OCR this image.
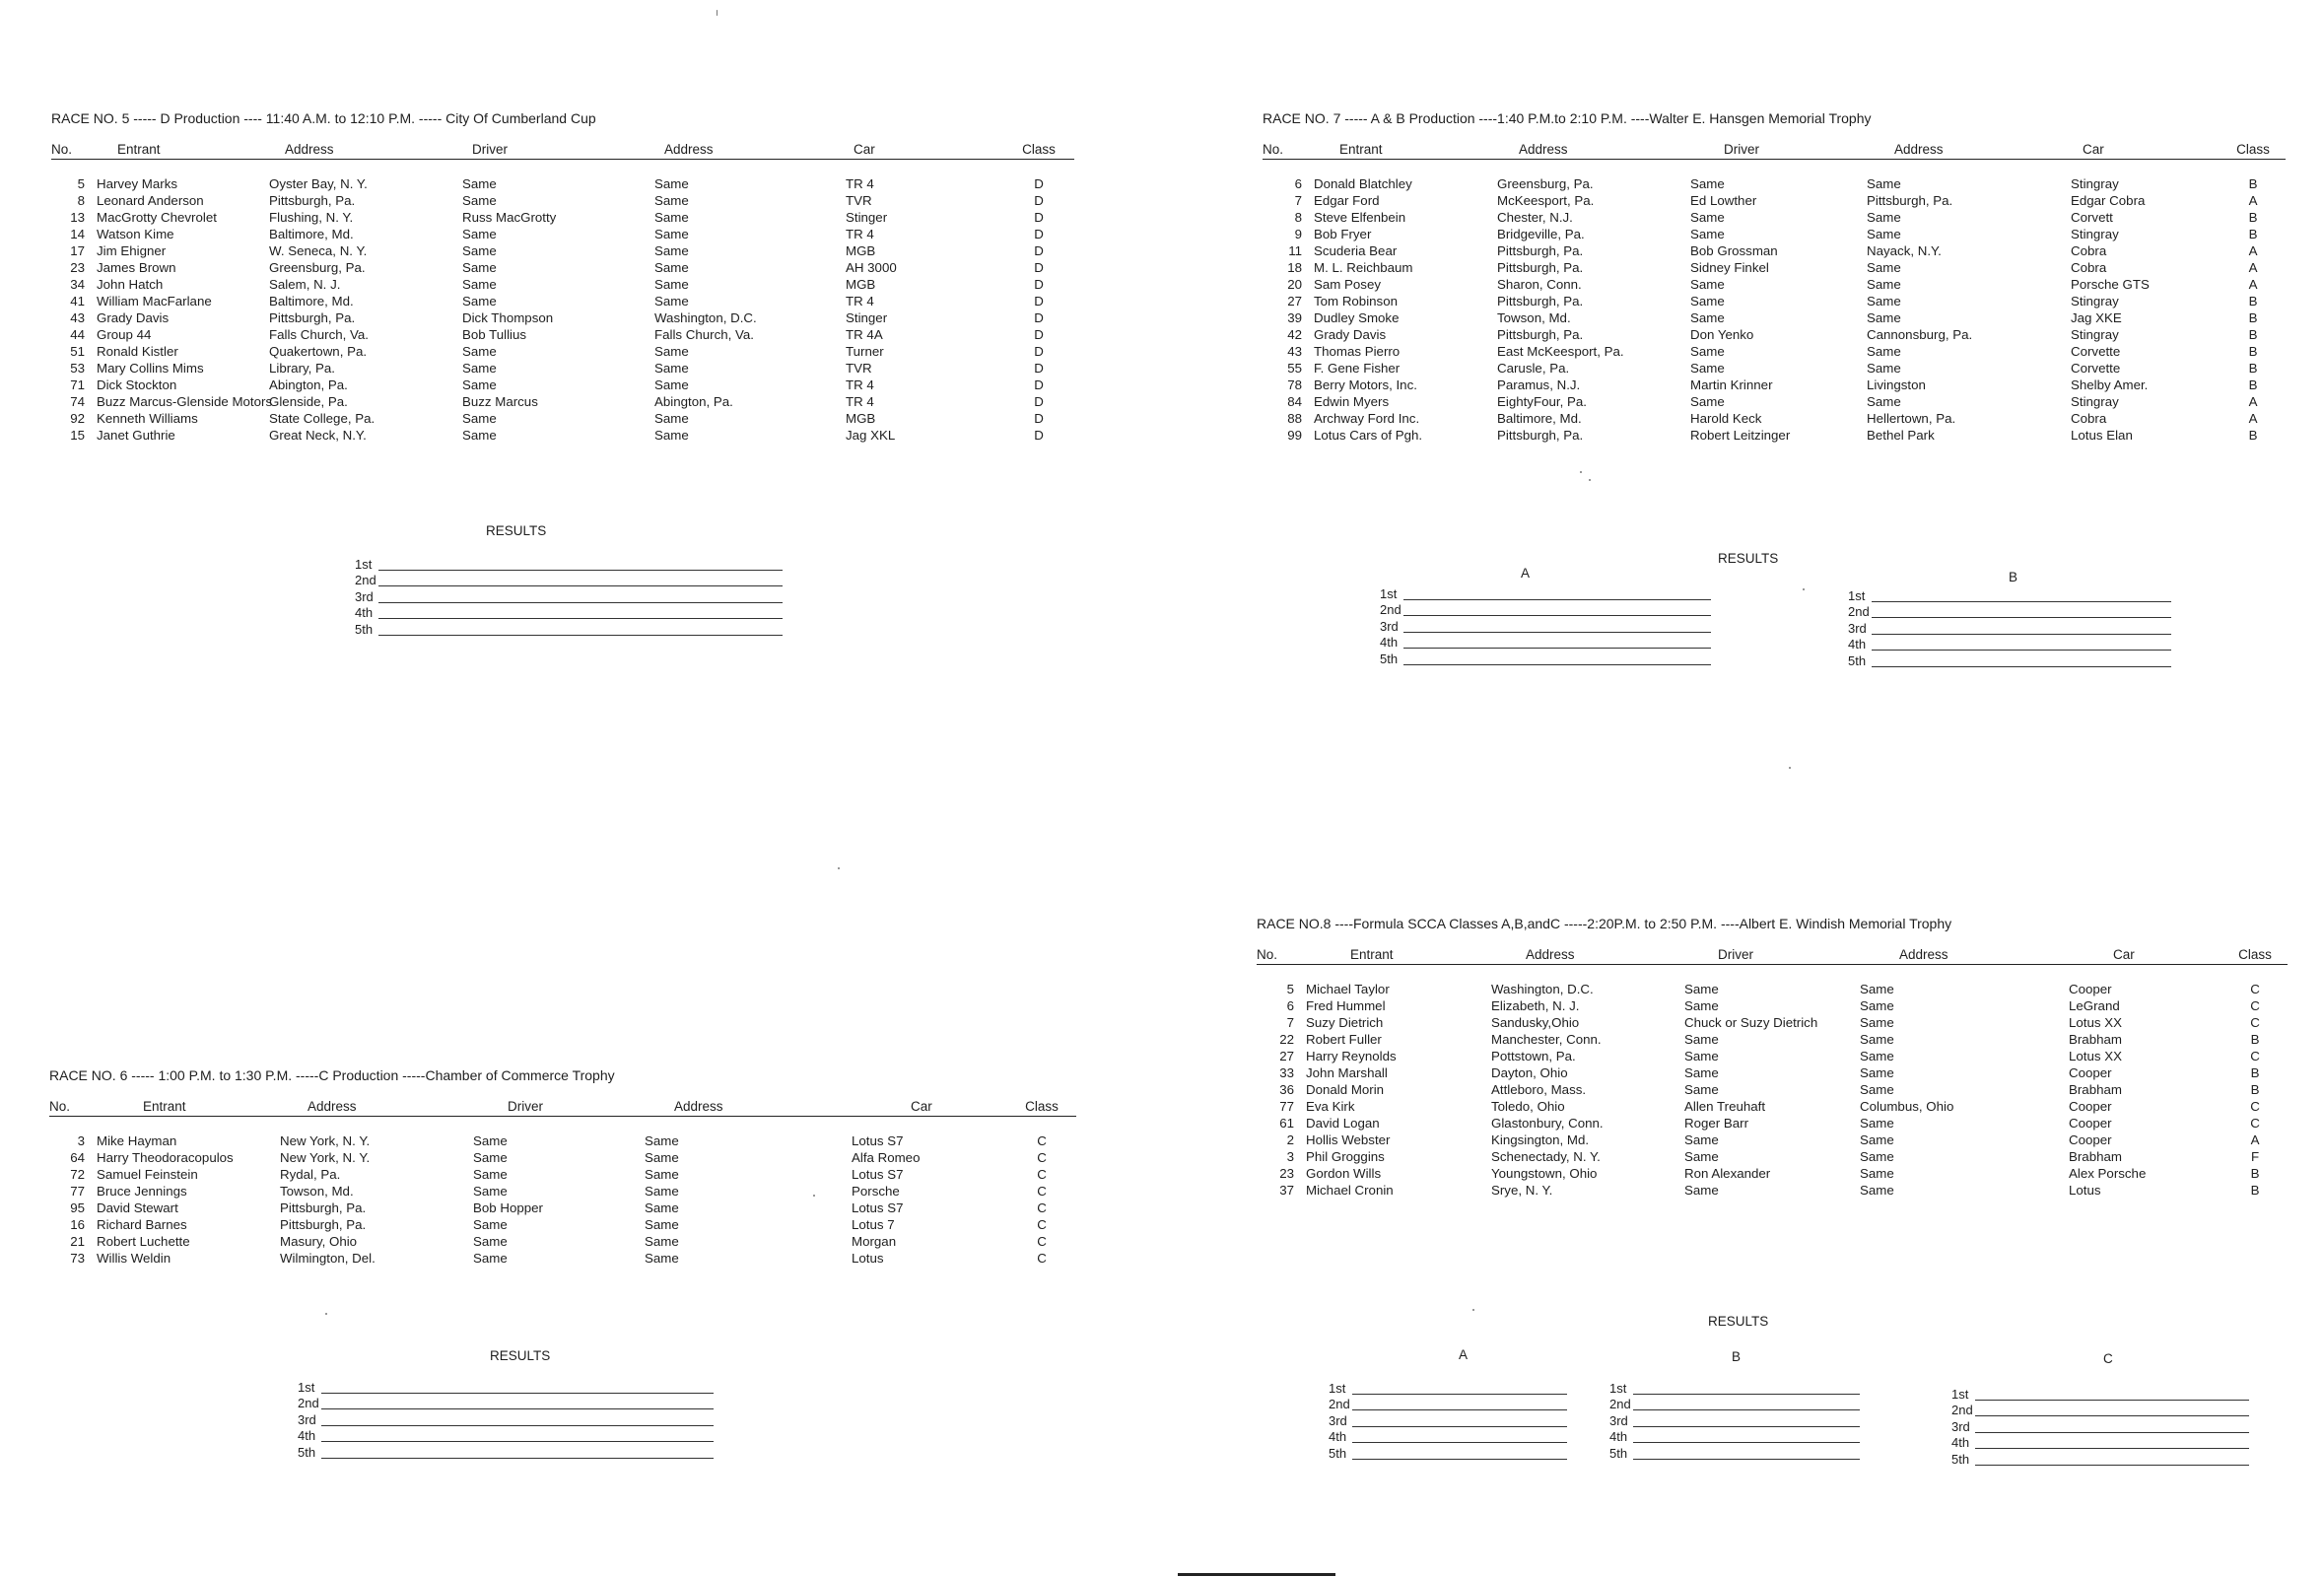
RACE NO. 5 ----- D Production ---- 11:40 A.M. to 12:10 P.M. ----- City Of Cumberland Cup
No.	Entrant	Address	Driver	Address	Car	Class
5	Harvey Marks	Oyster Bay, N. Y.	Same	Same	TR 4	D
8	Leonard Anderson	Pittsburgh, Pa.	Same	Same	TVR	D
13	MacGrotty Chevrolet	Flushing, N. Y.	Russ MacGrotty	Same	Stinger	D
14	Watson Kime	Baltimore, Md.	Same	Same	TR 4	D
17	Jim Ehigner	W. Seneca, N. Y.	Same	Same	MGB	D
23	James Brown	Greensburg, Pa.	Same	Same	AH 3000	D
34	John Hatch	Salem, N. J.	Same	Same	MGB	D
41	William MacFarlane	Baltimore, Md.	Same	Same	TR 4	D
43	Grady Davis	Pittsburgh, Pa.	Dick Thompson	Washington, D.C.	Stinger	D
44	Group 44	Falls Church, Va.	Bob Tullius	Falls Church, Va.	TR 4A	D
51	Ronald Kistler	Quakertown, Pa.	Same	Same	Turner	D
53	Mary Collins Mims	Library, Pa.	Same	Same	TVR	D
71	Dick Stockton	Abington, Pa.	Same	Same	TR 4	D
74	Buzz Marcus-Glenside Motors	Glenside, Pa.	Buzz Marcus	Abington, Pa.	TR 4	D
92	Kenneth Williams	State College, Pa.	Same	Same	MGB	D
15	Janet Guthrie	Great Neck, N.Y.	Same	Same	Jag XKL	D
RESULTS
1st
2nd
3rd
4th
5th
RACE NO. 7 ----- A & B Production ----1:40 P.M.to 2:10 P.M. ----Walter E. Hansgen Memorial Trophy
No.	Entrant	Address	Driver	Address	Car	Class
6	Donald Blatchley	Greensburg, Pa.	Same	Same	Stingray	B
7	Edgar Ford	McKeesport, Pa.	Ed Lowther	Pittsburgh, Pa.	Edgar Cobra	A
8	Steve Elfenbein	Chester, N.J.	Same	Same	Corvett	B
9	Bob Fryer	Bridgeville, Pa.	Same	Same	Stingray	B
11	Scuderia Bear	Pittsburgh, Pa.	Bob Grossman	Nayack, N.Y.	Cobra	A
18	M. L. Reichbaum	Pittsburgh, Pa.	Sidney Finkel	Same	Cobra	A
20	Sam Posey	Sharon, Conn.	Same	Same	Porsche GTS	A
27	Tom Robinson	Pittsburgh, Pa.	Same	Same	Stingray	B
39	Dudley Smoke	Towson, Md.	Same	Same	Jag XKE	B
42	Grady Davis	Pittsburgh, Pa.	Don Yenko	Cannonsburg, Pa.	Stingray	B
43	Thomas Pierro	East McKeesport, Pa.	Same	Same	Corvette	B
55	F. Gene Fisher	Carusle, Pa.	Same	Same	Corvette	B
78	Berry Motors, Inc.	Paramus, N.J.	Martin Krinner	Livingston	Shelby Amer.	B
84	Edwin Myers	EightyFour, Pa.	Same	Same	Stingray	A
88	Archway Ford Inc.	Baltimore, Md.	Harold Keck	Hellertown, Pa.	Cobra	A
99	Lotus Cars of Pgh.	Pittsburgh, Pa.	Robert Leitzinger	Bethel Park	Lotus Elan	B
RESULTS
A	B
1st
2nd
3rd
4th
5th
1st
2nd
3rd
4th
5th
RACE NO. 6 ----- 1:00 P.M. to 1:30 P.M. -----C Production -----Chamber of Commerce Trophy
No.	Entrant	Address	Driver	Address	Car	Class
3	Mike Hayman	New York, N. Y.	Same	Same	Lotus S7	C
64	Harry Theodoracopulos	New York, N. Y.	Same	Same	Alfa Romeo	C
72	Samuel Feinstein	Rydal, Pa.	Same	Same	Lotus S7	C
77	Bruce Jennings	Towson, Md.	Same	Same	Porsche	C
95	David Stewart	Pittsburgh, Pa.	Bob Hopper	Same	Lotus S7	C
16	Richard Barnes	Pittsburgh, Pa.	Same	Same	Lotus 7	C
21	Robert Luchette	Masury, Ohio	Same	Same	Morgan	C
73	Willis Weldin	Wilmington, Del.	Same	Same	Lotus	C
RESULTS
1st
2nd
3rd
4th
5th
RACE NO.8 ----Formula SCCA Classes A,B,andC -----2:20P.M. to 2:50 P.M. ----Albert E. Windish Memorial Trophy
No.	Entrant	Address	Driver	Address	Car	Class
5	Michael Taylor	Washington, D.C.	Same	Same	Cooper	C
6	Fred Hummel	Elizabeth, N. J.	Same	Same	LeGrand	C
7	Suzy Dietrich	Sandusky,Ohio	Chuck or Suzy Dietrich	Same	Lotus XX	C
22	Robert Fuller	Manchester, Conn.	Same	Same	Brabham	B
27	Harry Reynolds	Pottstown, Pa.	Same	Same	Lotus XX	C
33	John Marshall	Dayton, Ohio	Same	Same	Cooper	B
36	Donald Morin	Attleboro, Mass.	Same	Same	Brabham	B
77	Eva Kirk	Toledo, Ohio	Allen Treuhaft	Columbus, Ohio	Cooper	C
61	David Logan	Glastonbury, Conn.	Roger Barr	Same	Cooper	C
2	Hollis Webster	Kingsington, Md.	Same	Same	Cooper	A
3	Phil Groggins	Schenectady, N. Y.	Same	Same	Brabham	F
23	Gordon Wills	Youngstown, Ohio	Ron Alexander	Same	Alex Porsche	B
37	Michael Cronin	Srye, N. Y.	Same	Same	Lotus	B
RESULTS
A	B	C
1st
2nd
3rd
4th
5th
1st
2nd
3rd
4th
5th
1st
2nd
3rd
4th
5th
